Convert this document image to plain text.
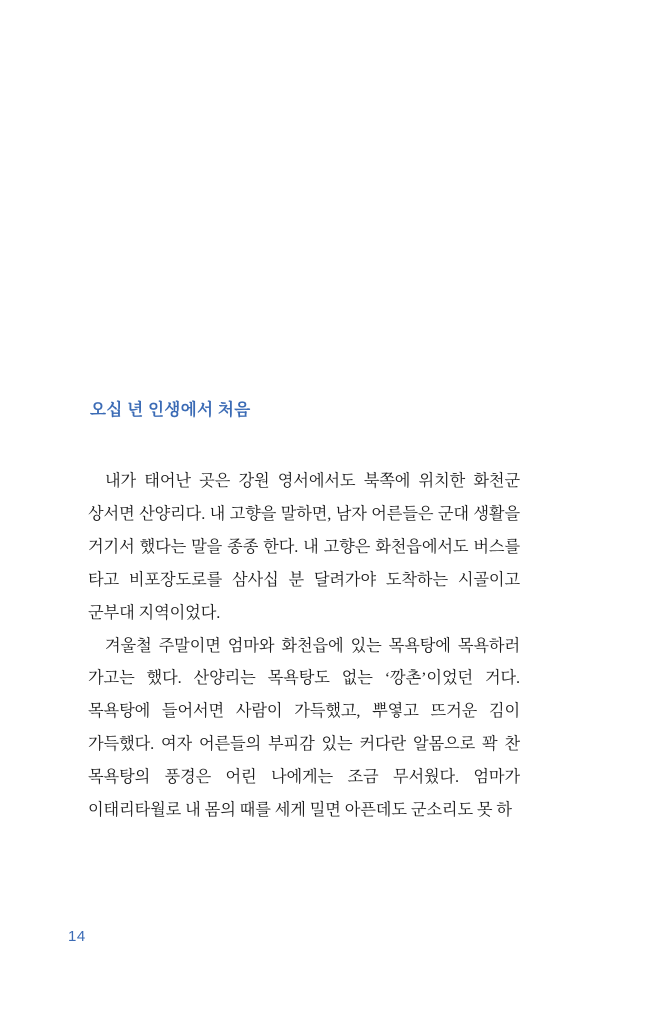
오십 년 인생에서 처음

내가 태어난 곳은 강원 영서에서도 북쪽에 위치한 화천군 상서면 산양리다. 내 고향을 말하면, 남자 어른들은 군대 생활을 거기서 했다는 말을 종종 한다. 내 고향은 화천읍에서도 버스를 타고 비포장도로를 삼사십 분 달려가야 도착하는 시골이고 군부대 지역이었다.

겨울철 주말이면 엄마와 화천읍에 있는 목욕탕에 목욕하러 가고는 했다. 산양리는 목욕탕도 없는 ‘깡촌’이었던 거다. 목욕탕에 들어서면 사람이 가득했고, 뿌옇고 뜨거운 김이 가득했다. 여자 어른들의 부피감 있는 커다란 알몸으로 꽉 찬 목욕탕의 풍경은 어린 나에게는 조금 무서웠다. 엄마가 이태리타월로 내 몸의 때를 세게 밀면 아픈데도 군소리도 못 하

14
